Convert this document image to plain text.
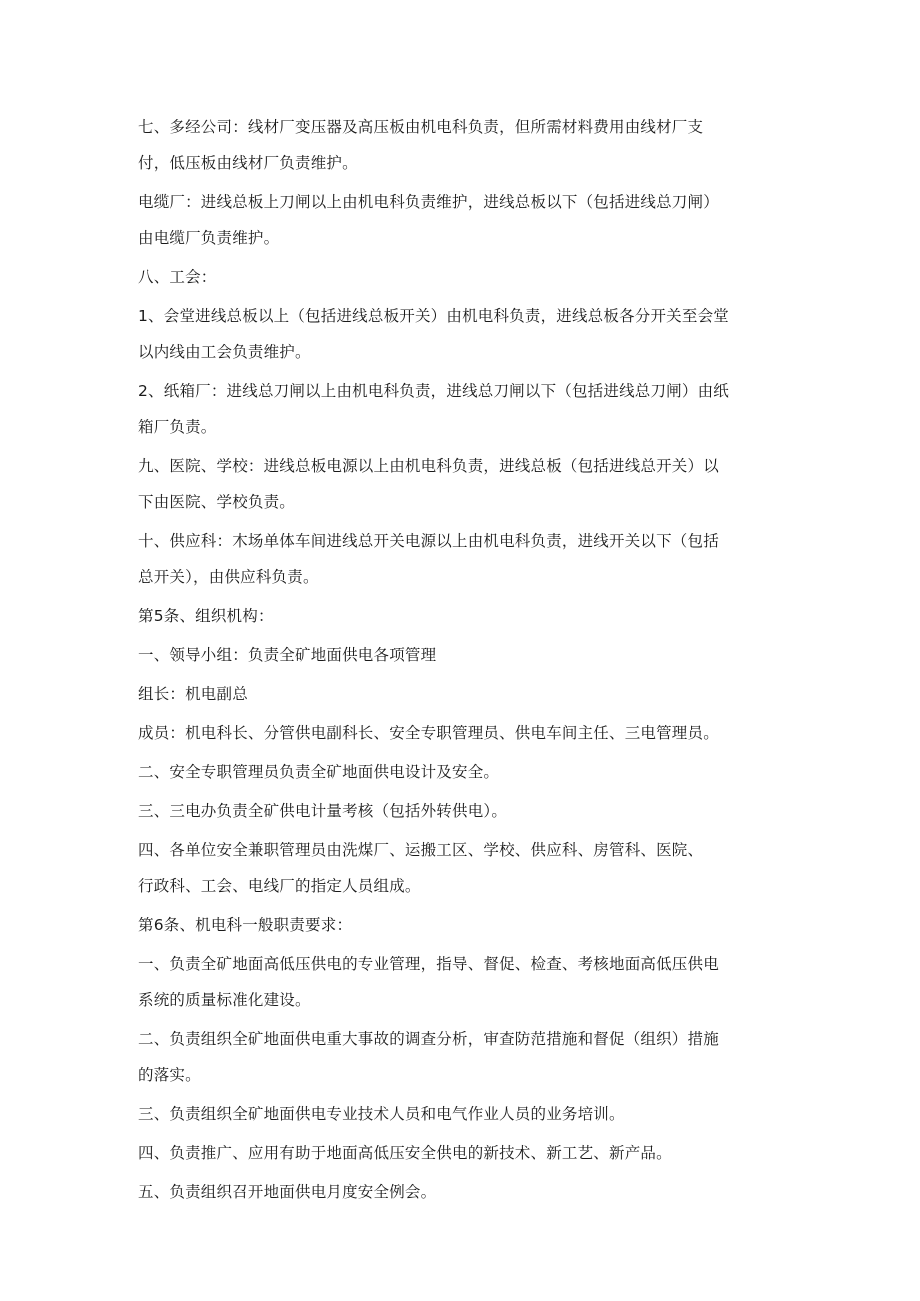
七、多经公司：线材厂变压器及高压板由机电科负责，但所需材料费用由线材厂支
付，低压板由线材厂负责维护。
电缆厂：进线总板上刀闸以上由机电科负责维护，进线总板以下（包括进线总刀闸）
由电缆厂负责维护。
八、工会：
1、会堂进线总板以上（包括进线总板开关）由机电科负责，进线总板各分开关至会堂
以内线由工会负责维护。
2、纸箱厂：进线总刀闸以上由机电科负责，进线总刀闸以下（包括进线总刀闸）由纸
箱厂负责。
九、医院、学校：进线总板电源以上由机电科负责，进线总板（包括进线总开关）以
下由医院、学校负责。
十、供应科：木场单体车间进线总开关电源以上由机电科负责，进线开关以下（包括
总开关），由供应科负责。
第5条、组织机构：
一、领导小组：负责全矿地面供电各项管理
组长：机电副总
成员：机电科长、分管供电副科长、安全专职管理员、供电车间主任、三电管理员。
二、安全专职管理员负责全矿地面供电设计及安全。
三、三电办负责全矿供电计量考核（包括外转供电）。
四、各单位安全兼职管理员由洗煤厂、运搬工区、学校、供应科、房管科、医院、
行政科、工会、电线厂的指定人员组成。
第6条、机电科一般职责要求：
一、负责全矿地面高低压供电的专业管理，指导、督促、检查、考核地面高低压供电
系统的质量标准化建设。
二、负责组织全矿地面供电重大事故的调查分析，审查防范措施和督促（组织）措施
的落实。
三、负责组织全矿地面供电专业技术人员和电气作业人员的业务培训。
四、负责推广、应用有助于地面高低压安全供电的新技术、新工艺、新产品。
五、负责组织召开地面供电月度安全例会。
